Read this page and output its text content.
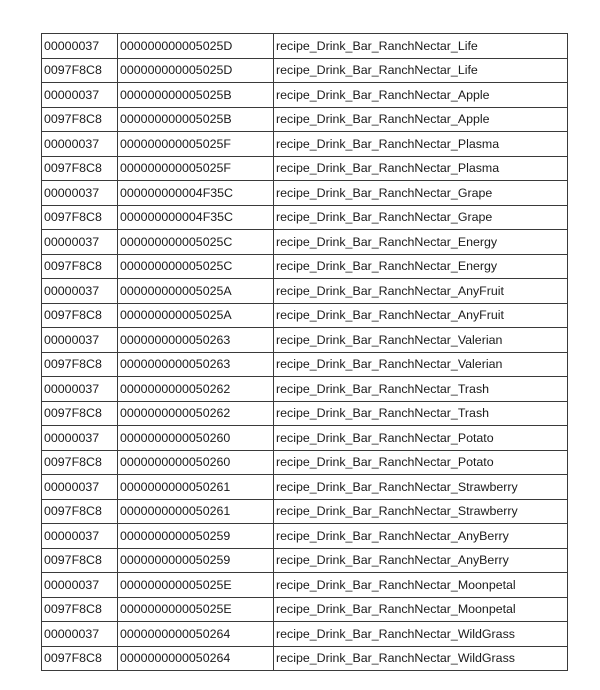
00000037	000000000005025D	recipe_Drink_Bar_RanchNectar_Life
0097F8C8	000000000005025D	recipe_Drink_Bar_RanchNectar_Life
00000037	000000000005025B	recipe_Drink_Bar_RanchNectar_Apple
0097F8C8	000000000005025B	recipe_Drink_Bar_RanchNectar_Apple
00000037	000000000005025F	recipe_Drink_Bar_RanchNectar_Plasma
0097F8C8	000000000005025F	recipe_Drink_Bar_RanchNectar_Plasma
00000037	000000000004F35C	recipe_Drink_Bar_RanchNectar_Grape
0097F8C8	000000000004F35C	recipe_Drink_Bar_RanchNectar_Grape
00000037	000000000005025C	recipe_Drink_Bar_RanchNectar_Energy
0097F8C8	000000000005025C	recipe_Drink_Bar_RanchNectar_Energy
00000037	000000000005025A	recipe_Drink_Bar_RanchNectar_AnyFruit
0097F8C8	000000000005025A	recipe_Drink_Bar_RanchNectar_AnyFruit
00000037	0000000000050263	recipe_Drink_Bar_RanchNectar_Valerian
0097F8C8	0000000000050263	recipe_Drink_Bar_RanchNectar_Valerian
00000037	0000000000050262	recipe_Drink_Bar_RanchNectar_Trash
0097F8C8	0000000000050262	recipe_Drink_Bar_RanchNectar_Trash
00000037	0000000000050260	recipe_Drink_Bar_RanchNectar_Potato
0097F8C8	0000000000050260	recipe_Drink_Bar_RanchNectar_Potato
00000037	0000000000050261	recipe_Drink_Bar_RanchNectar_Strawberry
0097F8C8	0000000000050261	recipe_Drink_Bar_RanchNectar_Strawberry
00000037	0000000000050259	recipe_Drink_Bar_RanchNectar_AnyBerry
0097F8C8	0000000000050259	recipe_Drink_Bar_RanchNectar_AnyBerry
00000037	000000000005025E	recipe_Drink_Bar_RanchNectar_Moonpetal
0097F8C8	000000000005025E	recipe_Drink_Bar_RanchNectar_Moonpetal
00000037	0000000000050264	recipe_Drink_Bar_RanchNectar_WildGrass
0097F8C8	0000000000050264	recipe_Drink_Bar_RanchNectar_WildGrass
